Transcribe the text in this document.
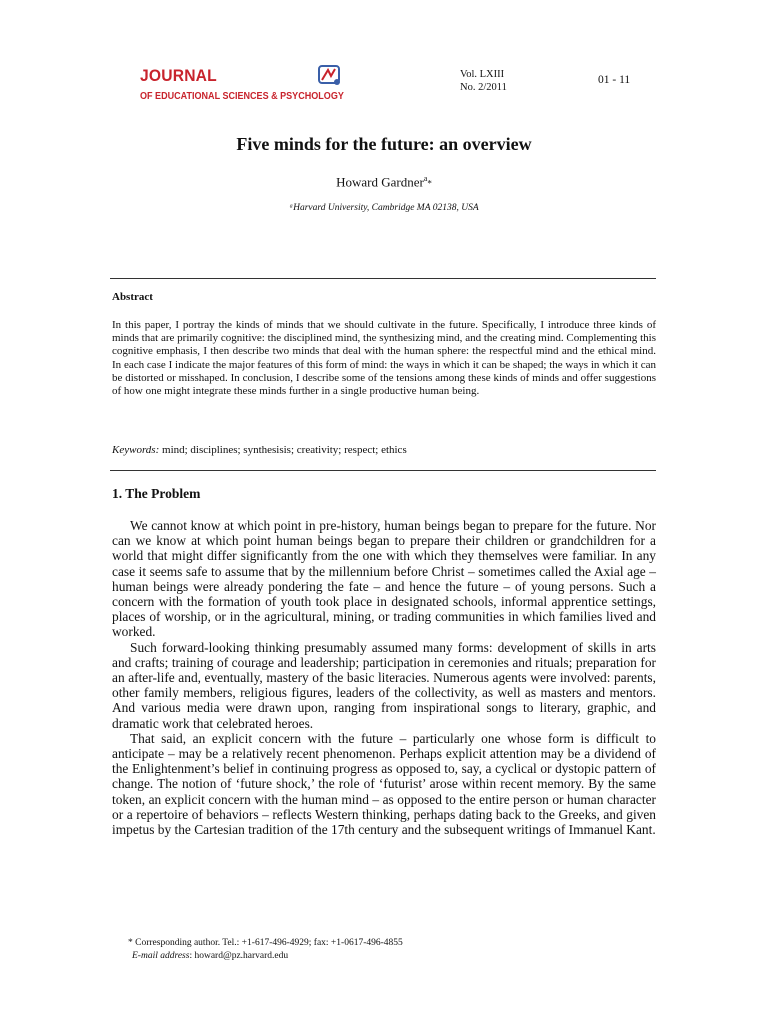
JOURNAL
OF EDUCATIONAL SCIENCES & PSYCHOLOGY
Vol. LXIII
No. 2/2011
01 - 11
Five minds for the future: an overview
Howard Gardner$^a$*
ᵃHarvard University, Cambridge MA 02138, USA
Abstract
In this paper, I portray the kinds of minds that we should cultivate in the future. Specifically, I introduce three kinds of minds that are primarily cognitive: the disciplined mind, the synthesizing mind, and the creating mind. Complementing this cognitive emphasis, I then describe two minds that deal with the human sphere: the respectful mind and the ethical mind. In each case I indicate the major features of this form of mind: the ways in which it can be shaped; the ways in which it can be distorted or misshaped. In conclusion, I describe some of the tensions among these kinds of minds and offer suggestions of how one might integrate these minds further in a single productive human being.
Keywords: mind; disciplines; synthesisis; creativity; respect; ethics
1. The Problem

We cannot know at which point in pre-history, human beings began to prepare for the future. Nor can we know at which point human beings began to prepare their children or grandchildren for a world that might differ significantly from the one with which they themselves were familiar. In any case it seems safe to assume that by the millennium before Christ – sometimes called the Axial age – human beings were already pondering the fate – and hence the future – of young persons. Such a concern with the formation of youth took place in designated schools, informal apprentice settings, places of worship, or in the agricultural, mining, or trading communities in which families lived and worked.

Such forward-looking thinking presumably assumed many forms: development of skills in arts and crafts; training of courage and leadership; participation in ceremonies and rituals; preparation for an after-life and, eventually, mastery of the basic literacies. Numerous agents were involved: parents, other family members, religious figures, leaders of the collectivity, as well as masters and mentors. And various media were drawn upon, ranging from inspirational songs to literary, graphic, and dramatic work that celebrated heroes.

That said, an explicit concern with the future – particularly one whose form is difficult to anticipate – may be a relatively recent phenomenon. Perhaps explicit attention may be a dividend of the Enlightenment’s belief in continuing progress as opposed to, say, a cyclical or dystopic pattern of change. The notion of ‘future shock,’ the role of ‘futurist’ arose within recent memory. By the same token, an explicit concern with the human mind – as opposed to the entire person or human character or a repertoire of behaviors – reflects Western thinking, perhaps dating back to the Greeks, and given impetus by the Cartesian tradition of the 17th century and the subsequent writings of Immanuel Kant.

* Corresponding author. Tel.: +1-617-496-4929; fax: +1-0617-496-4855
E-mail address: howard@pz.harvard.edu
